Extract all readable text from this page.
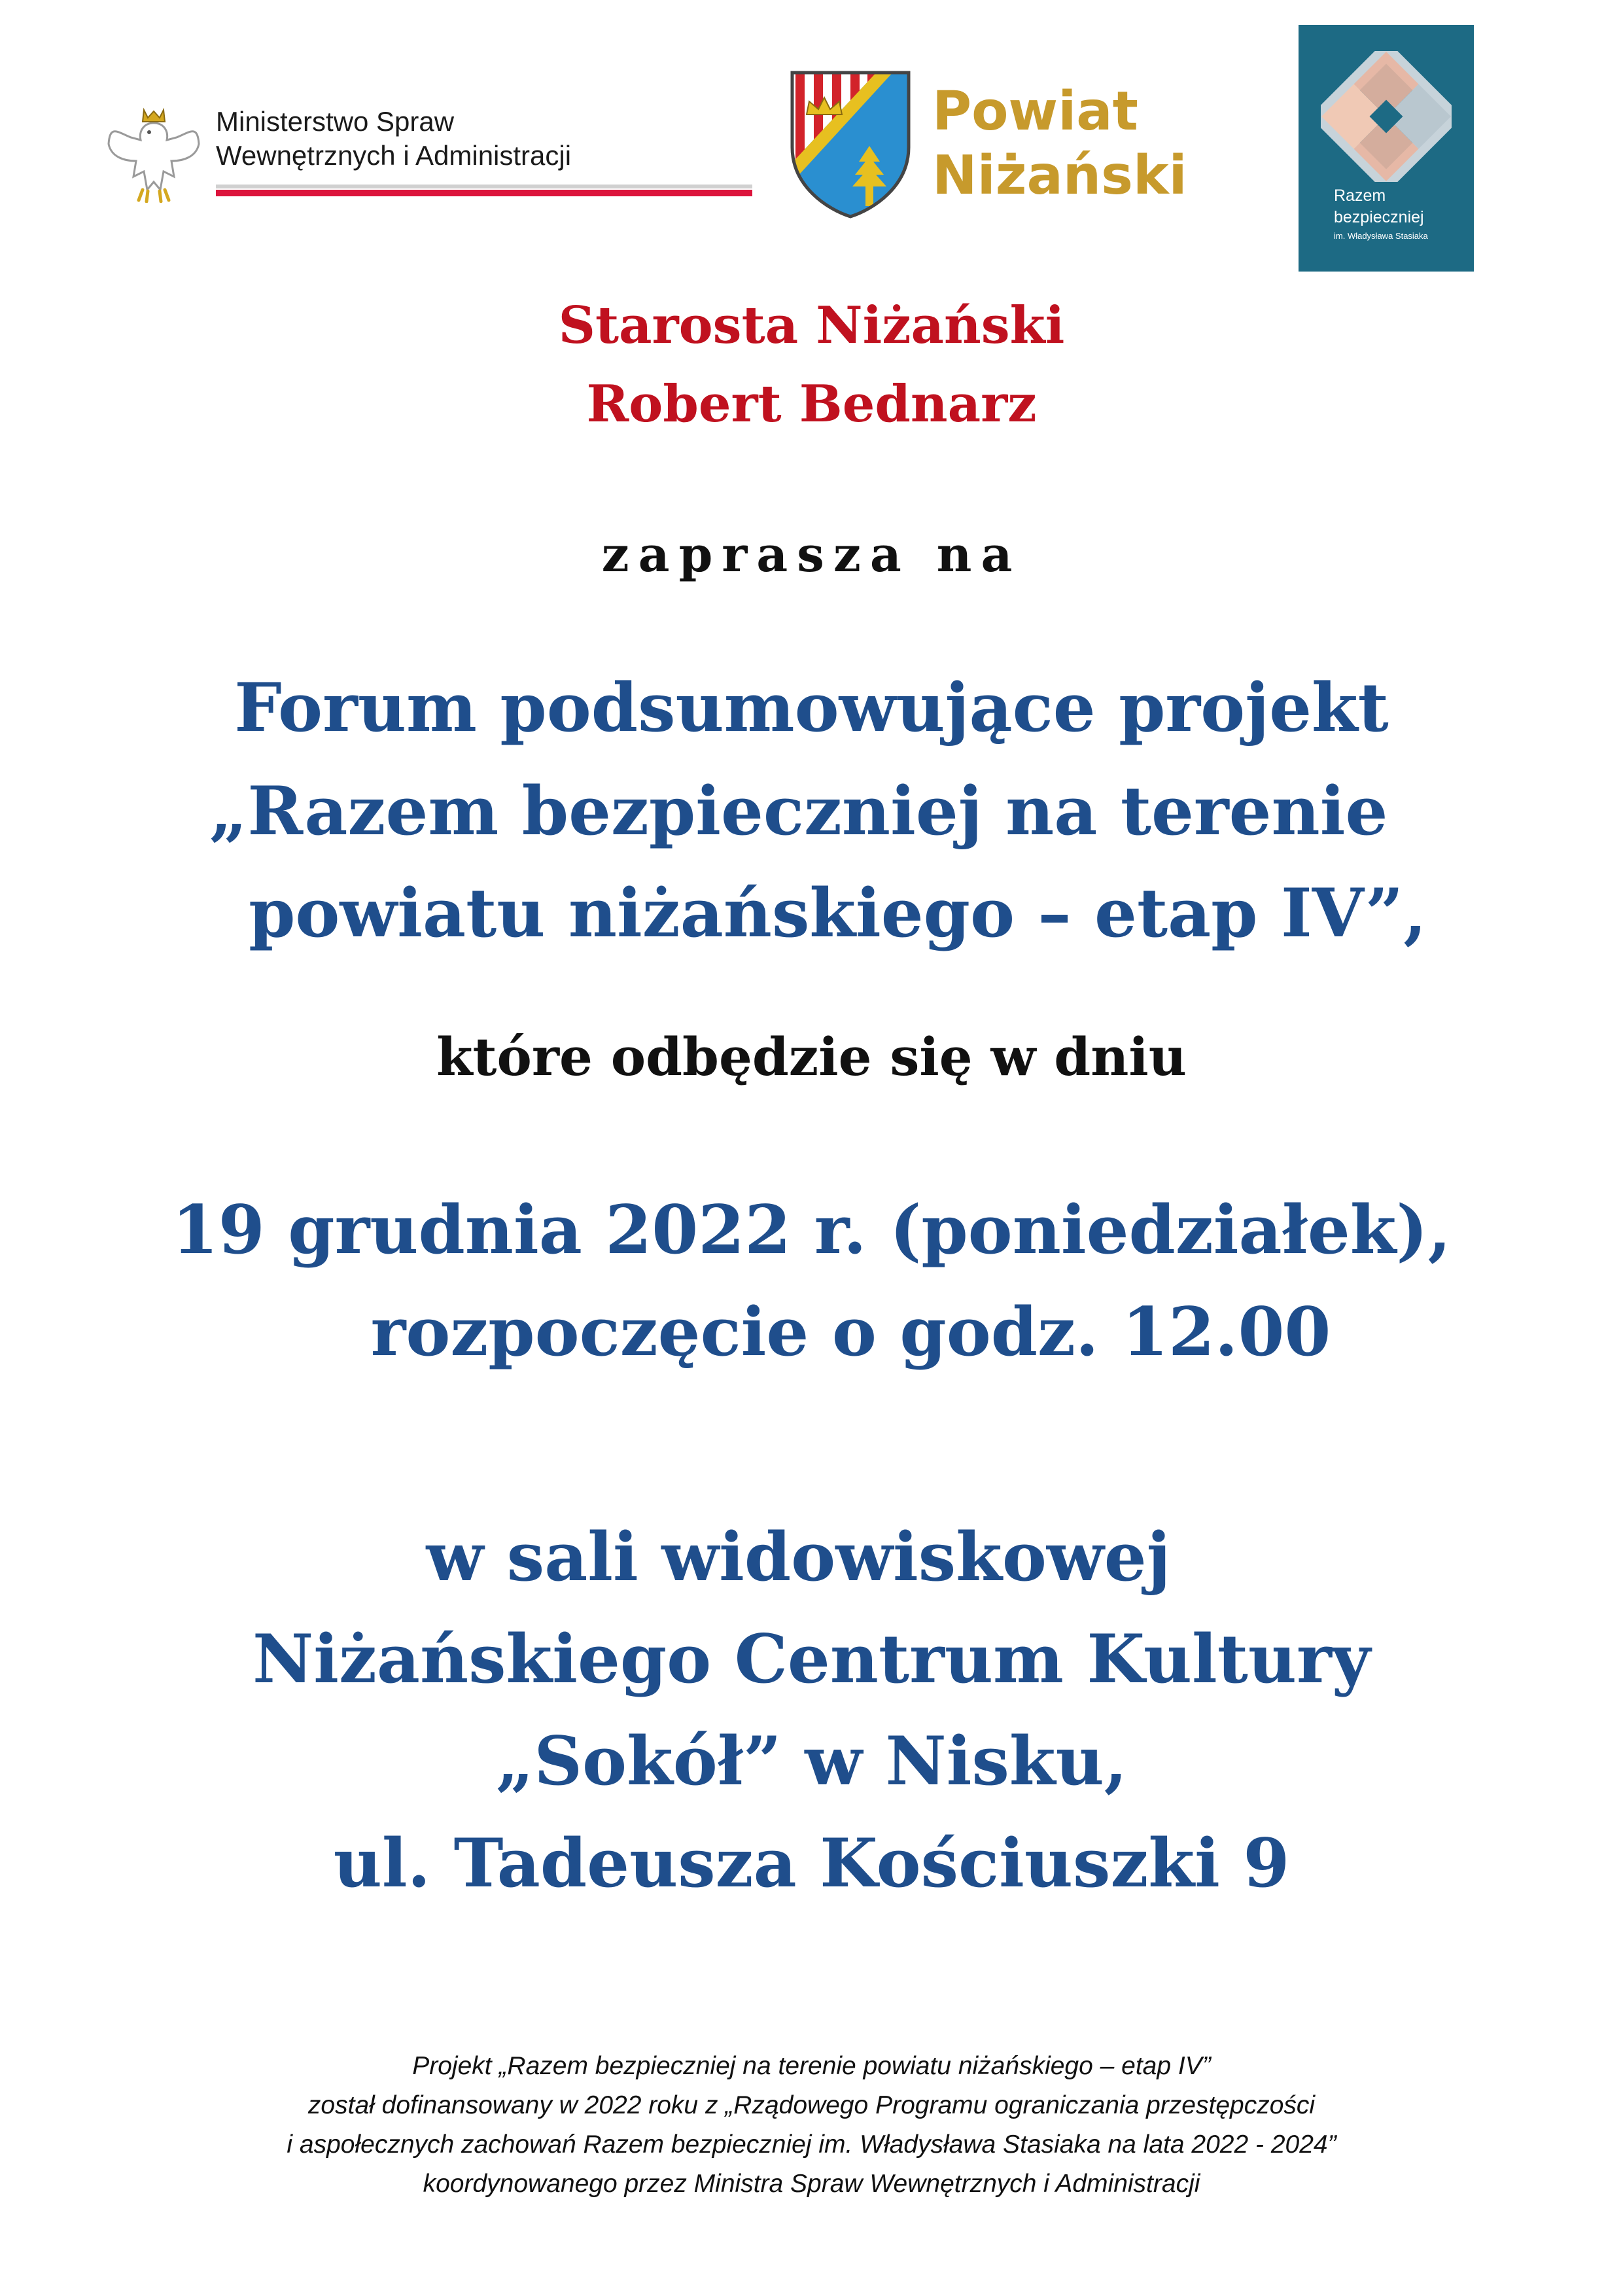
Ministerstwo Spraw
Wewnętrznych i Administracji
Powiat
Niżański	Razem
bezpieczniej
im. Władysława Stasiaka
Starosta Niżański
Robert Bednarz
zaprasza na
Forum podsumowujące projekt
„Razem bezpieczniej na terenie
powiatu niżańskiego – etap IV”,
które odbędzie się w dniu
19 grudnia 2022 r. (poniedziałek),
rozpoczęcie o godz. 12.00
w sali widowiskowej
Niżańskiego Centrum Kultury
„Sokół” w Nisku,
ul. Tadeusza Kościuszki 9
Projekt „Razem bezpieczniej na terenie powiatu niżańskiego – etap IV”
został dofinansowany w 2022 roku z „Rządowego Programu ograniczania przestępczości
i aspołecznych zachowań Razem bezpieczniej im. Władysława Stasiaka na lata 2022 - 2024”
koordynowanego przez Ministra Spraw Wewnętrznych i Administracji
